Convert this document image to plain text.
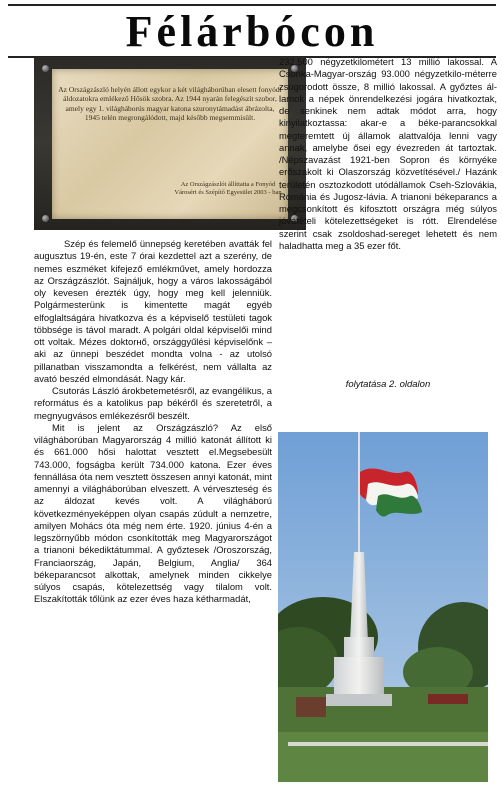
Félárbócon
Az Országzászló helyén állott egykor a két világháborúban elesett fonyódi áldozatokra emlékező Hősök szobra. Az 1944 nyarán felegészít szobor, amely egy 1. világháborús magyar katona szuronytámadást ábrázolta, 1945 telén megrongálódott, majd később megsemmisült.
Az Országzászlót állíttatta a Fonyód Városért és Szépítő Egyesület 2003 - ban

Szép és felemelő ünnepség keretében avatták fel augusztus 19-én, este 7 órai kezdettel azt a szerény, de nemes eszméket kifejező emlékművet, amely hordozza az Országzászlót. Sajnáljuk, hogy a város lakosságából oly kevesen érezték úgy, hogy meg kell jelenniük. Polgármesterünk is kimentette magát egyéb elfoglaltságára hivatkozva és a képviselő testületi tagok többsége is távol maradt. A polgári oldal képviselői mind ott voltak. Mézes doktorнő, országgyűlési képviselőnk – aki az ünnepi beszédet mondta volna - az utolsó pillanatban visszamondta a felkérést, nem vállalta az avató beszéd elmondását. Nagy kár.

Csutorás László árokbetemetésről, az evangélikus, a református és a katolikus pap békéről és szeretetről, a megnyugvásos emlékezésről beszélt.

Mit is jelent az Országzászló? Az első világháborúban Magyarország 4 millió katonát állított ki és 661.000 hősi halottat vesztett el.Megsebesült 743.000, fogságba került 734.000 katona. Ezer éves fennállása óta nem vesztett összesen annyi katonát, mint amennyi a világháborúban elveszett. A vérveszteség és az áldozat kevés volt. A világháború következményeképpen olyan csapás zúdult a nemzetre, amilyen Mohács óta még nem érte. 1920. június 4-én a legszörnyűbb módon csonkították meg Magyarországot a trianoni békediktátummal. A győztesek /Oroszország, Franciaország, Japán, Belgium, Anglia/ 364 békeparancsot alkottak, amelynek minden cikkelye súlyos csapás, kötelezettség vagy tilalom volt. Elszakították tőlünk az ezer éves haza kétharmadát,

232.500 négyzetkilométert 13 millió lakossal. A Csonka-Magyar-ország 93.000 négyzetkilo-méterre zsugorodott össze, 8 millió lakossal. A győztes ál-lamok a népek önrendelkezési jogára hivatkoztak, de senkinek nem adtak módot arra, hogy kinyilatkoztassa: akar-e a béke-parancsokkal megteremtett új államok alattvalója lenni vagy annak, amelybe ősei egy évezreden át tartoztak. /Népszavazást 1921-ben Sopron és környéke erőszakolt ki Olaszország közvetítésével./ Hazánk területén osztozkodott utódállamok Cseh-Szlovákia, Románia és Jugosz-lávia. A trianoni békeparancs a megcsonkított és kifosztott országra még súlyos jóvátételi kötelezettségeket is rótt. Elrendelése szerint csak zsoldoshad-sereget lehetett és nem haladhatta meg a 35 ezer főt.

folytatása 2. oldalon
